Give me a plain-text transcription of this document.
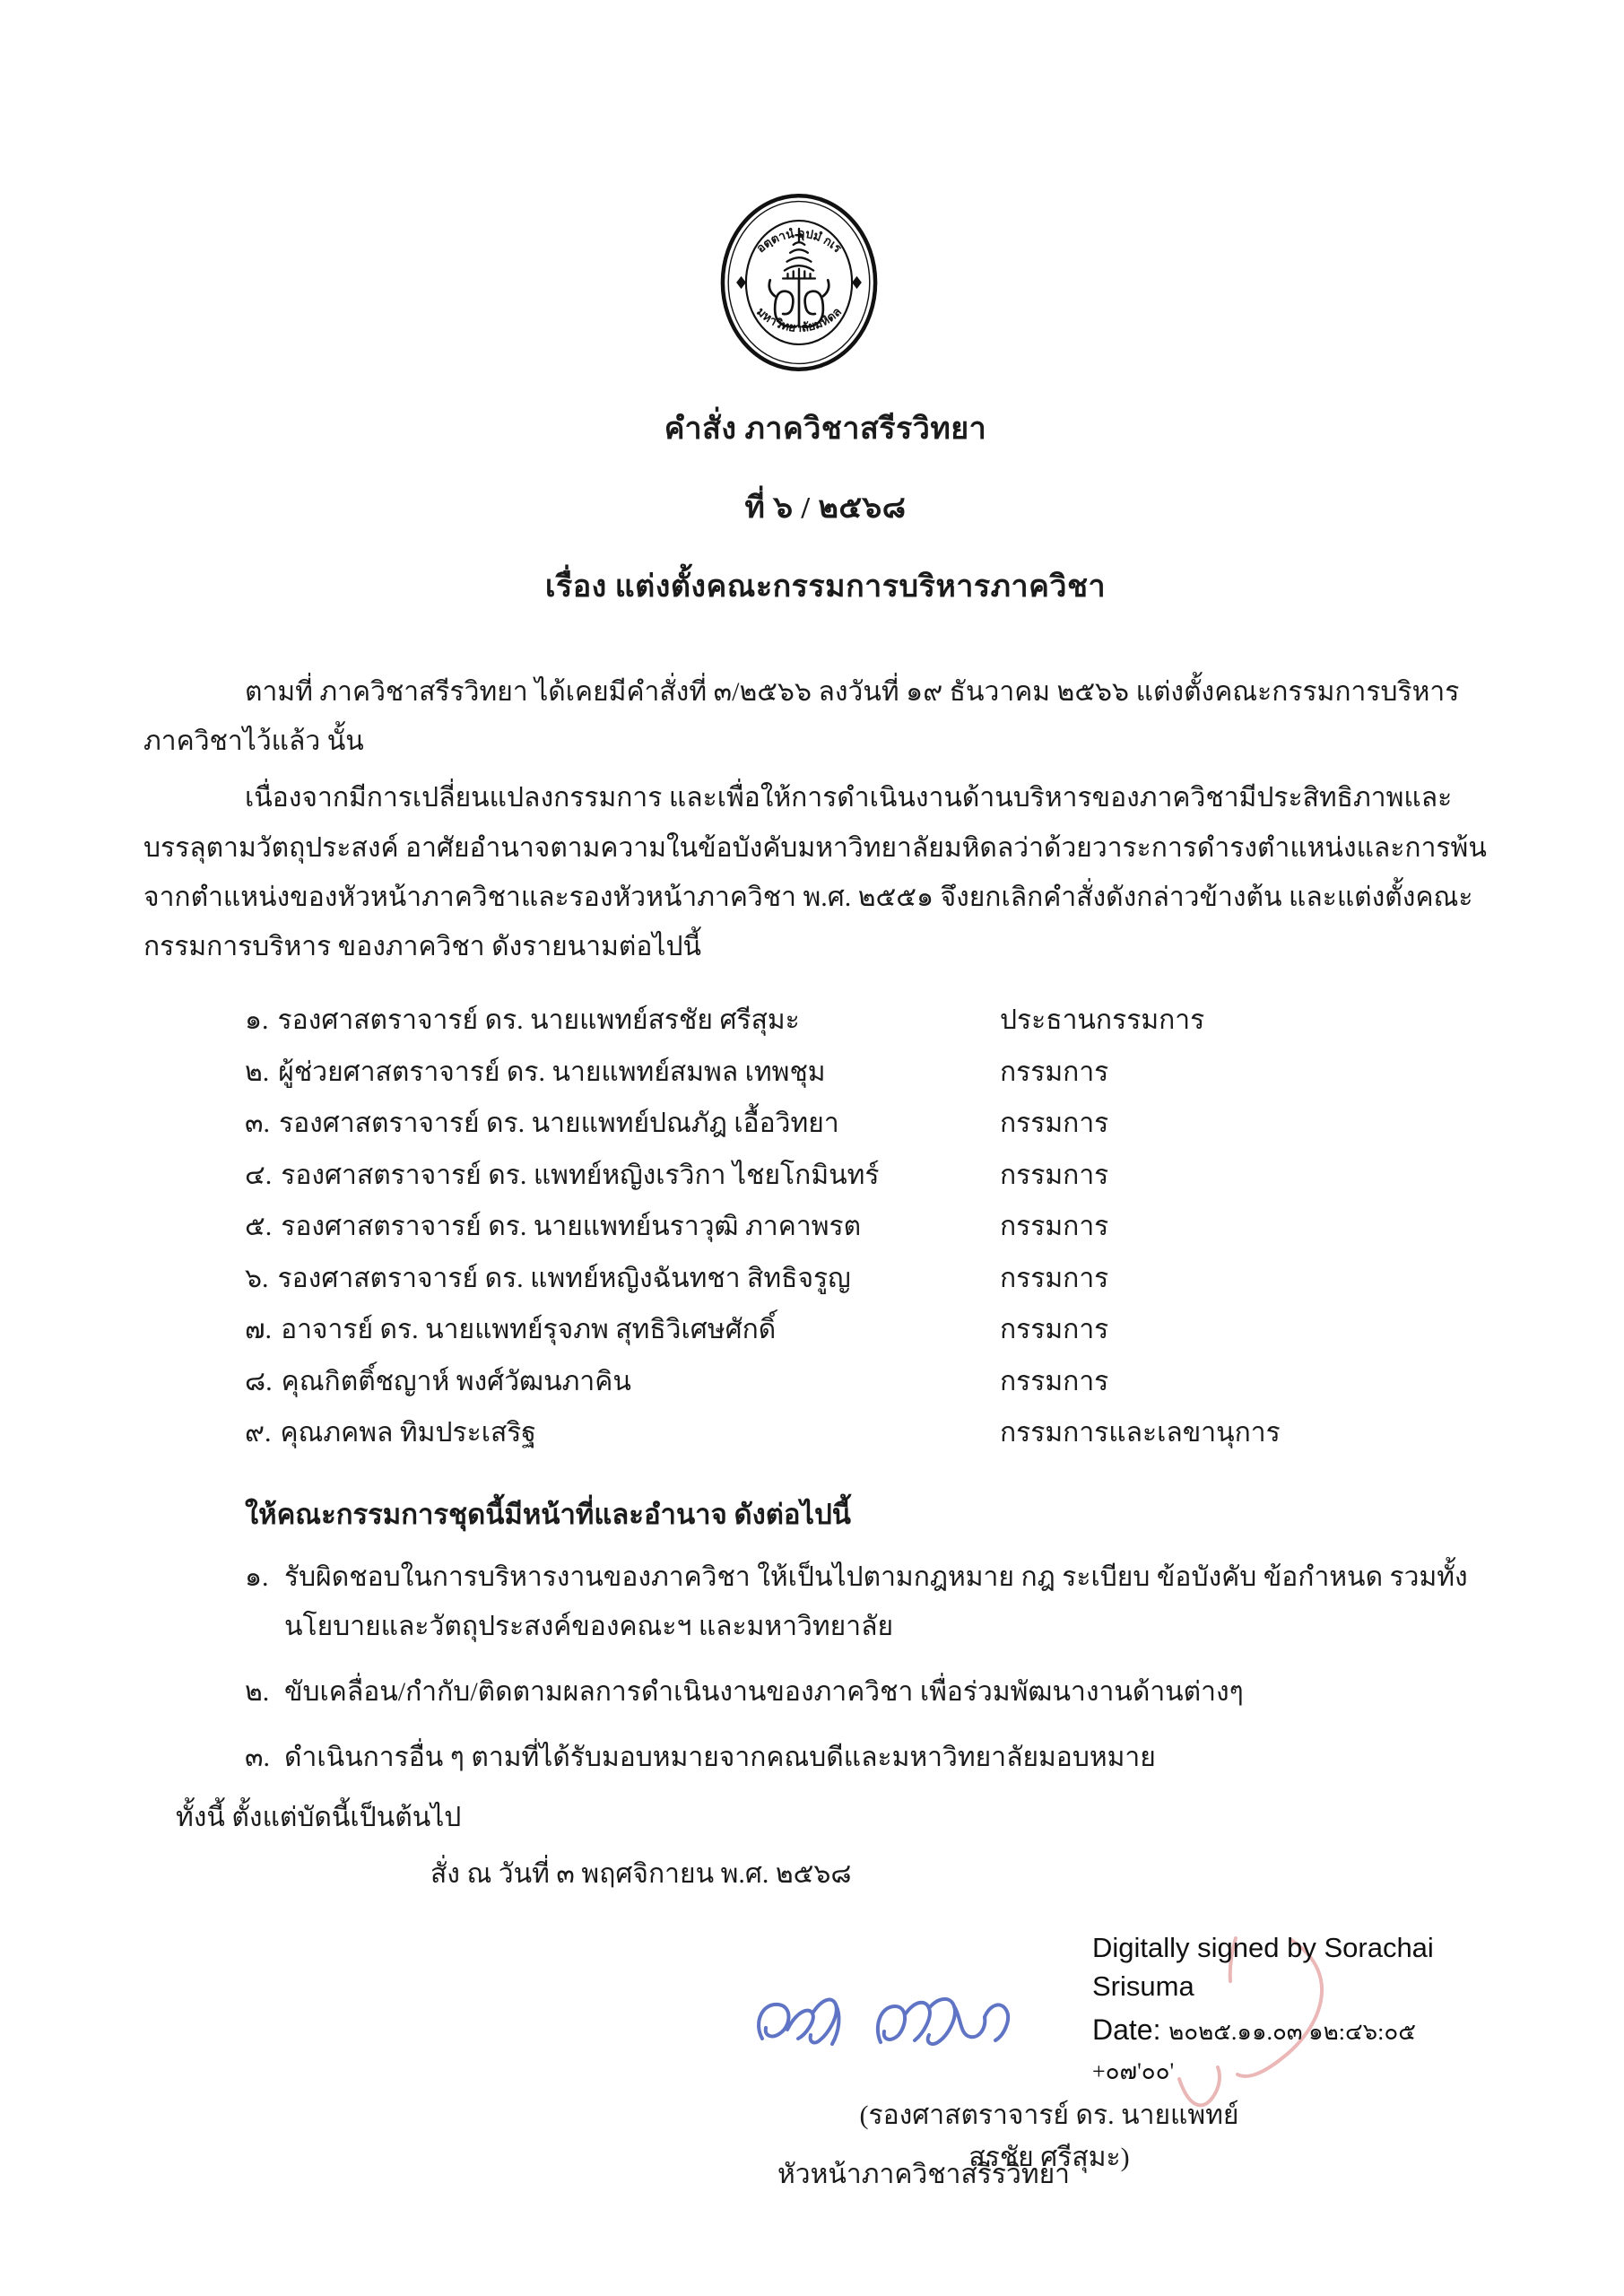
อตฺตานํ อุปมํ กเร
มหาวิทยาลัยมหิดล
คำสั่ง ภาควิชาสรีรวิทยา
ที่ ๖ / ๒๕๖๘
เรื่อง แต่งตั้งคณะกรรมการบริหารภาควิชา

ตามที่ ภาควิชาสรีรวิทยา ได้เคยมีคำสั่งที่ ๓/๒๕๖๖ ลงวันที่ ๑๙ ธันวาคม ๒๕๖๖ แต่งตั้งคณะกรรมการบริหารภาควิชาไว้แล้ว นั้น

เนื่องจากมีการเปลี่ยนแปลงกรรมการ และเพื่อให้การดำเนินงานด้านบริหารของภาควิชามีประสิทธิภาพและบรรลุตามวัตถุประสงค์ อาศัยอำนาจตามความในข้อบังคับมหาวิทยาลัยมหิดลว่าด้วยวาระการดำรงตำแหน่งและการพ้นจากตำแหน่งของหัวหน้าภาควิชาและรองหัวหน้าภาควิชา พ.ศ. ๒๕๕๑ จึงยกเลิกคำสั่งดังกล่าวข้างต้น และแต่งตั้งคณะกรรมการบริหาร ของภาควิชา ดังรายนามต่อไปนี้

๑. รองศาสตราจารย์ ดร. นายแพทย์สรชัย ศรีสุมะ	ประธานกรรมการ
๒. ผู้ช่วยศาสตราจารย์ ดร. นายแพทย์สมพล เทพชุม	กรรมการ
๓. รองศาสตราจารย์ ดร. นายแพทย์ปณภัฎ เอื้อวิทยา	กรรมการ
๔. รองศาสตราจารย์ ดร. แพทย์หญิงเรวิกา ไชยโกมินทร์	กรรมการ
๕. รองศาสตราจารย์ ดร. นายแพทย์นราวุฒิ ภาคาพรต	กรรมการ
๖. รองศาสตราจารย์ ดร. แพทย์หญิงฉันทชา สิทธิจรูญ	กรรมการ
๗. อาจารย์ ดร. นายแพทย์รุจภพ สุทธิวิเศษศักดิ์	กรรมการ
๘. คุณกิตติ์ชญาห์ พงศ์วัฒนภาคิน	กรรมการ
๙. คุณภคพล ทิมประเสริฐ	กรรมการและเลขานุการ
ให้คณะกรรมการชุดนี้มีหน้าที่และอำนาจ ดังต่อไปนี้
๑. รับผิดชอบในการบริหารงานของภาควิชา ให้เป็นไปตามกฎหมาย กฎ ระเบียบ ข้อบังคับ ข้อกำหนด รวมทั้งนโยบายและวัตถุประสงค์ของคณะฯ และมหาวิทยาลัย
๒. ขับเคลื่อน/กำกับ/ติดตามผลการดำเนินงานของภาควิชา เพื่อร่วมพัฒนางานด้านต่างๆ
๓. ดำเนินการอื่น ๆ ตามที่ได้รับมอบหมายจากคณบดีและมหาวิทยาลัยมอบหมาย
ทั้งนี้ ตั้งแต่บัดนี้เป็นต้นไป
สั่ง ณ วันที่ ๓ พฤศจิกายน พ.ศ. ๒๕๖๘
Digitally signed by Sorachai
Srisuma
Date: ๒๐๒๕.๑๑.๐๓ ๑๒:๔๖:๐๕
+๐๗'๐๐'
(รองศาสตราจารย์ ดร. นายแพทย์สรชัย ศรีสุมะ)
หัวหน้าภาควิชาสรีรวิทยา
